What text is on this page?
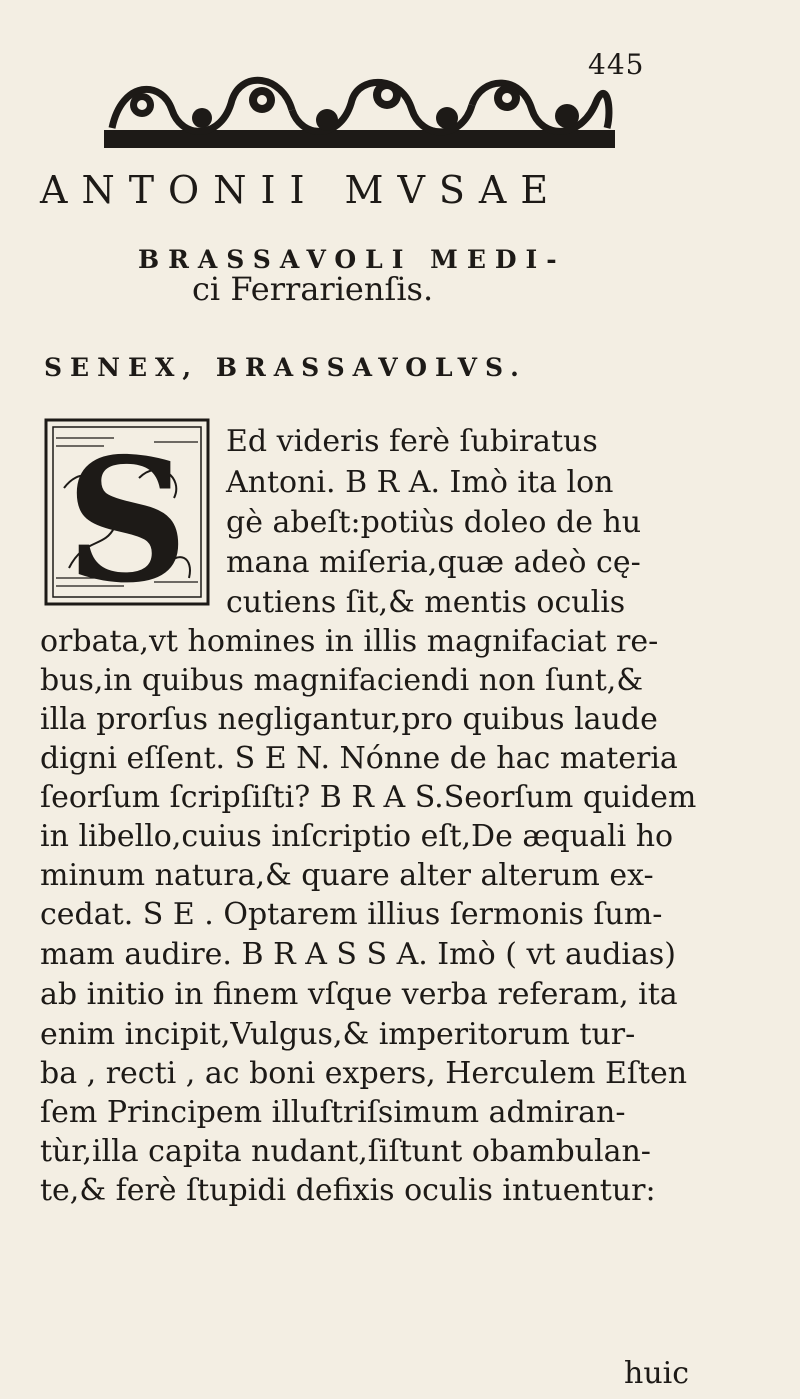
445
ANTONII MVSAE
BRASSAVOLI MEDI-
ci Ferrarienſis.
SENEX, BRASSAVOLVS.
S Ed videris ferè ſubiratus
Antoni. B R A. Imò ita lon
gè abeſt:potiùs doleo de hu
mana miſeria,quæ adeò cę-
cutiens ſit,& mentis oculis
orbata,vt homines in illis magnifaciat re-
bus,in quibus magnifaciendi non ſunt,&
illa prorſus negligantur,pro quibus laude
digni eſſent. S E N. Nónne de hac materia
ſeorſum ſcripſiſti? B R A S.Seorſum quidem
in libello,cuius inſcriptio eſt,De æquali ho
minum natura,& quare alter alterum ex-
cedat. S E . Optarem illius ſermonis ſum-
mam audire. B R A S S A. Imò ( vt audias)
ab initio in finem vſque verba referam, ita
enim incipit,Vulgus,& imperitorum tur-
ba , recti , ac boni expers, Herculem Eſten
ſem Principem illuſtriſsimum admiran-
tùr,illa capita nudant,ſiſtunt obambulan-
te,& ferè ſtupidi defixis oculis intuentur:
huic
